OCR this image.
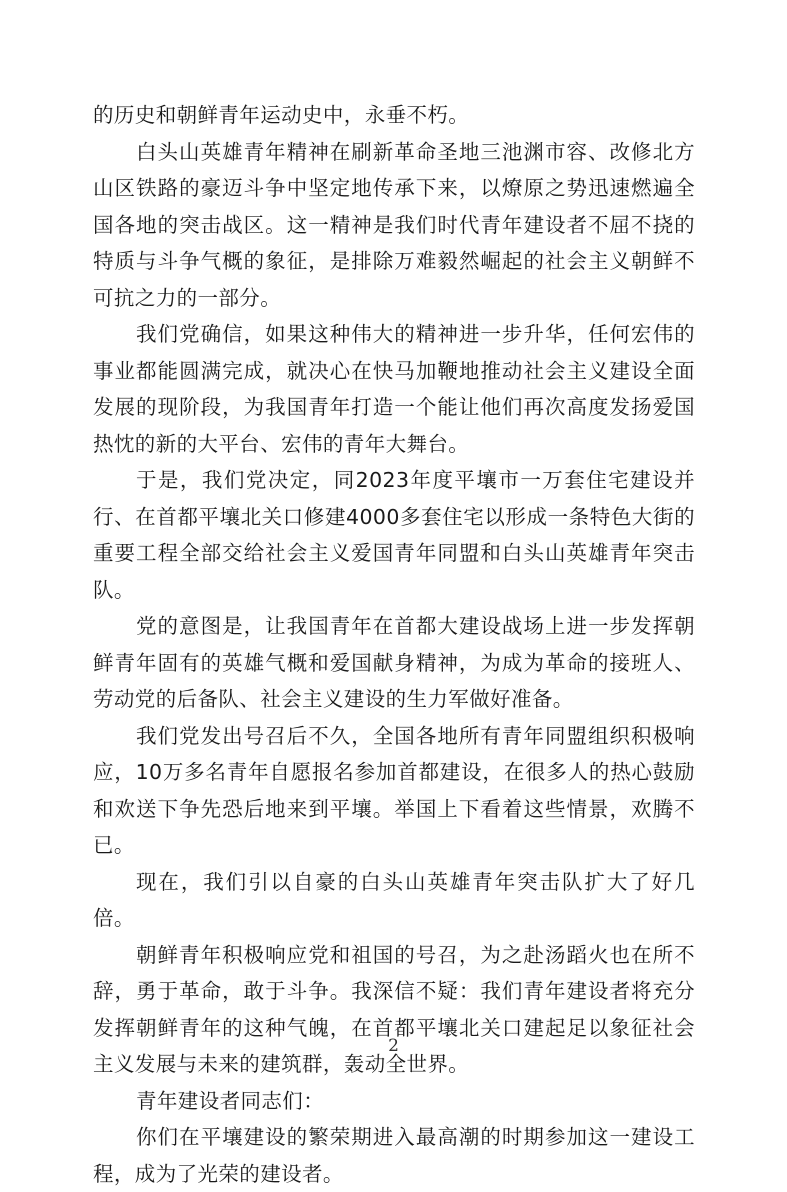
的历史和朝鲜青年运动史中，永垂不朽。

白头山英雄青年精神在刷新革命圣地三池渊市容、改修北方山区铁路的豪迈斗争中坚定地传承下来，以燎原之势迅速燃遍全国各地的突击战区。这一精神是我们时代青年建设者不屈不挠的特质与斗争气概的象征，是排除万难毅然崛起的社会主义朝鲜不可抗之力的一部分。

我们党确信，如果这种伟大的精神进一步升华，任何宏伟的事业都能圆满完成，就决心在快马加鞭地推动社会主义建设全面发展的现阶段，为我国青年打造一个能让他们再次高度发扬爱国热忱的新的大平台、宏伟的青年大舞台。

于是，我们党决定，同2023年度平壤市一万套住宅建设并行、在首都平壤北关口修建4000多套住宅以形成一条特色大街的重要工程全部交给社会主义爱国青年同盟和白头山英雄青年突击队。

党的意图是，让我国青年在首都大建设战场上进一步发挥朝鲜青年固有的英雄气概和爱国献身精神，为成为革命的接班人、劳动党的后备队、社会主义建设的生力军做好准备。

我们党发出号召后不久，全国各地所有青年同盟组织积极响应，10万多名青年自愿报名参加首都建设，在很多人的热心鼓励和欢送下争先恐后地来到平壤。举国上下看着这些情景，欢腾不已。

现在，我们引以自豪的白头山英雄青年突击队扩大了好几倍。

朝鲜青年积极响应党和祖国的号召，为之赴汤蹈火也在所不辞，勇于革命，敢于斗争。我深信不疑：我们青年建设者将充分发挥朝鲜青年的这种气魄，在首都平壤北关口建起足以象征社会主义发展与未来的建筑群，轰动全世界。

青年建设者同志们：

你们在平壤建设的繁荣期进入最高潮的时期参加这一建设工程，成为了光荣的建设者。

2
